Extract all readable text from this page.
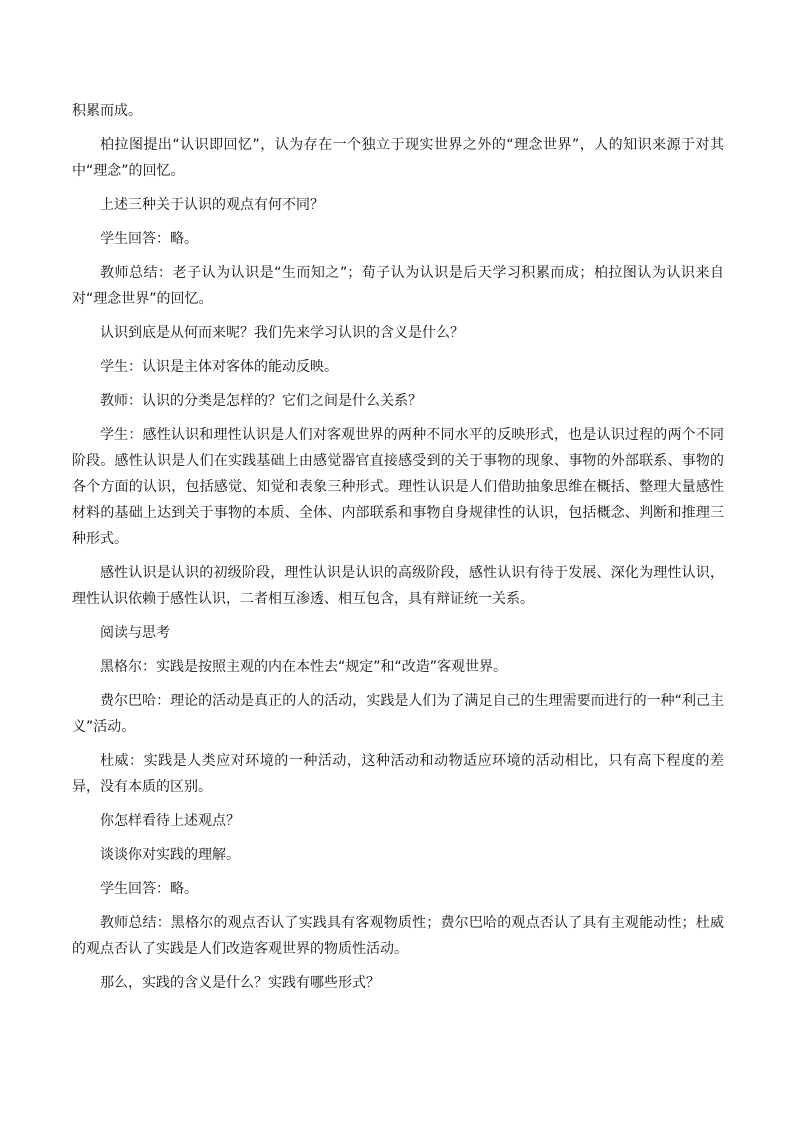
积累而成。

柏拉图提出“认识即回忆”，认为存在一个独立于现实世界之外的“理念世界”，人的知识来源于对其中“理念”的回忆。

上述三种关于认识的观点有何不同？

学生回答：略。

教师总结：老子认为认识是“生而知之”；荀子认为认识是后天学习积累而成；柏拉图认为认识来自对“理念世界”的回忆。

认识到底是从何而来呢？我们先来学习认识的含义是什么？

学生：认识是主体对客体的能动反映。

教师：认识的分类是怎样的？它们之间是什么关系？

学生：感性认识和理性认识是人们对客观世界的两种不同水平的反映形式，也是认识过程的两个不同阶段。感性认识是人们在实践基础上由感觉器官直接感受到的关于事物的现象、事物的外部联系、事物的各个方面的认识，包括感觉、知觉和表象三种形式。理性认识是人们借助抽象思维在概括、整理大量感性材料的基础上达到关于事物的本质、全体、内部联系和事物自身规律性的认识，包括概念、判断和推理三种形式。

感性认识是认识的初级阶段，理性认识是认识的高级阶段，感性认识有待于发展、深化为理性认识，理性认识依赖于感性认识，二者相互渗透、相互包含，具有辩证统一关系。

阅读与思考

黑格尔：实践是按照主观的内在本性去“规定”和“改造”客观世界。

费尔巴哈：理论的活动是真正的人的活动，实践是人们为了满足自己的生理需要而进行的一种“利己主义”活动。

杜威：实践是人类应对环境的一种活动，这种活动和动物适应环境的活动相比，只有高下程度的差异，没有本质的区别。

你怎样看待上述观点？

谈谈你对实践的理解。

学生回答：略。

教师总结：黑格尔的观点否认了实践具有客观物质性；费尔巴哈的观点否认了具有主观能动性；杜威的观点否认了实践是人们改造客观世界的物质性活动。

那么，实践的含义是什么？实践有哪些形式？
